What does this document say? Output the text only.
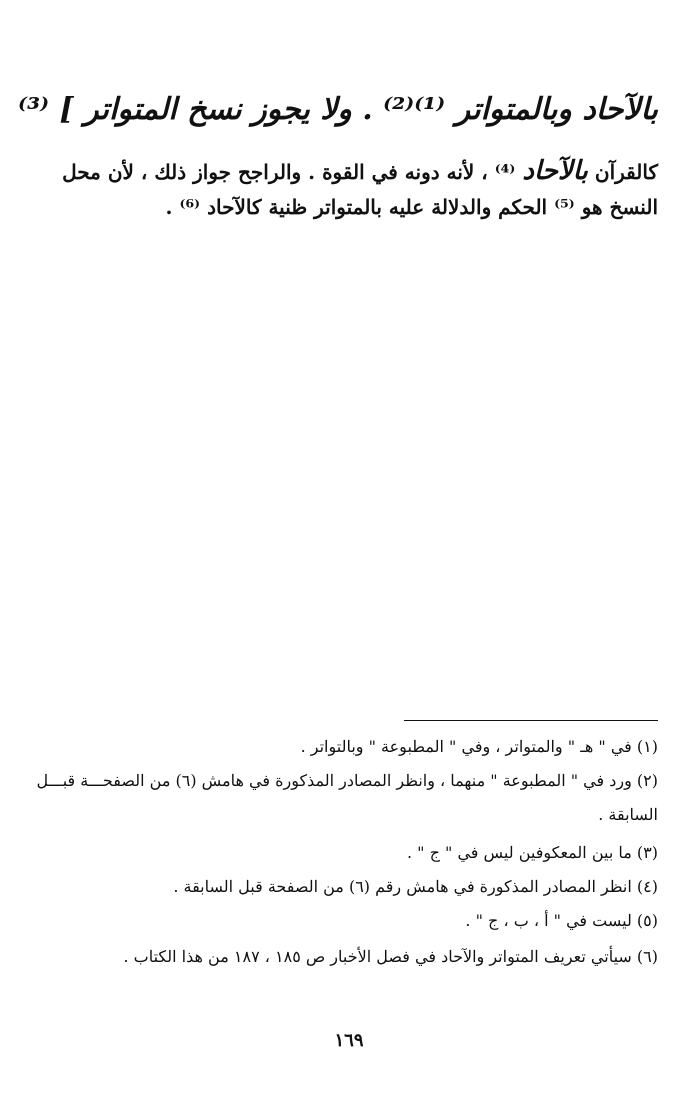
بالآحاد وبالمتواتر ⁽¹⁾⁽²⁾ . ولا يجوز نسخ المتواتر ] ⁽³⁾
كالقرآن بالآحاد ⁽⁴⁾ ، لأنه دونه في القوة . والراجح جواز ذلك ، لأن محل
النسخ هو ⁽⁵⁾ الحكم والدلالة عليه بالمتواتر ظنية كالآحاد ⁽⁶⁾ .
(١) في " هـ " والمتواتر ، وفي " المطبوعة " وبالتواتر .
(٢) ورد في " المطبوعة " منهما ، وانظر المصادر المذكورة في هامش (٦) من الصفحـــة قبـــل
السابقة .
(٣) ما بين المعكوفين ليس في " ج " .
(٤) انظر المصادر المذكورة في هامش رقم (٦) من الصفحة قبل السابقة .
(٥) ليست في " أ ، ب ، ج " .
(٦) سيأتي تعريف المتواتر والآحاد في فصل الأخبار ص ١٨٥ ، ١٨٧ من هذا الكتاب .
١٦٩
